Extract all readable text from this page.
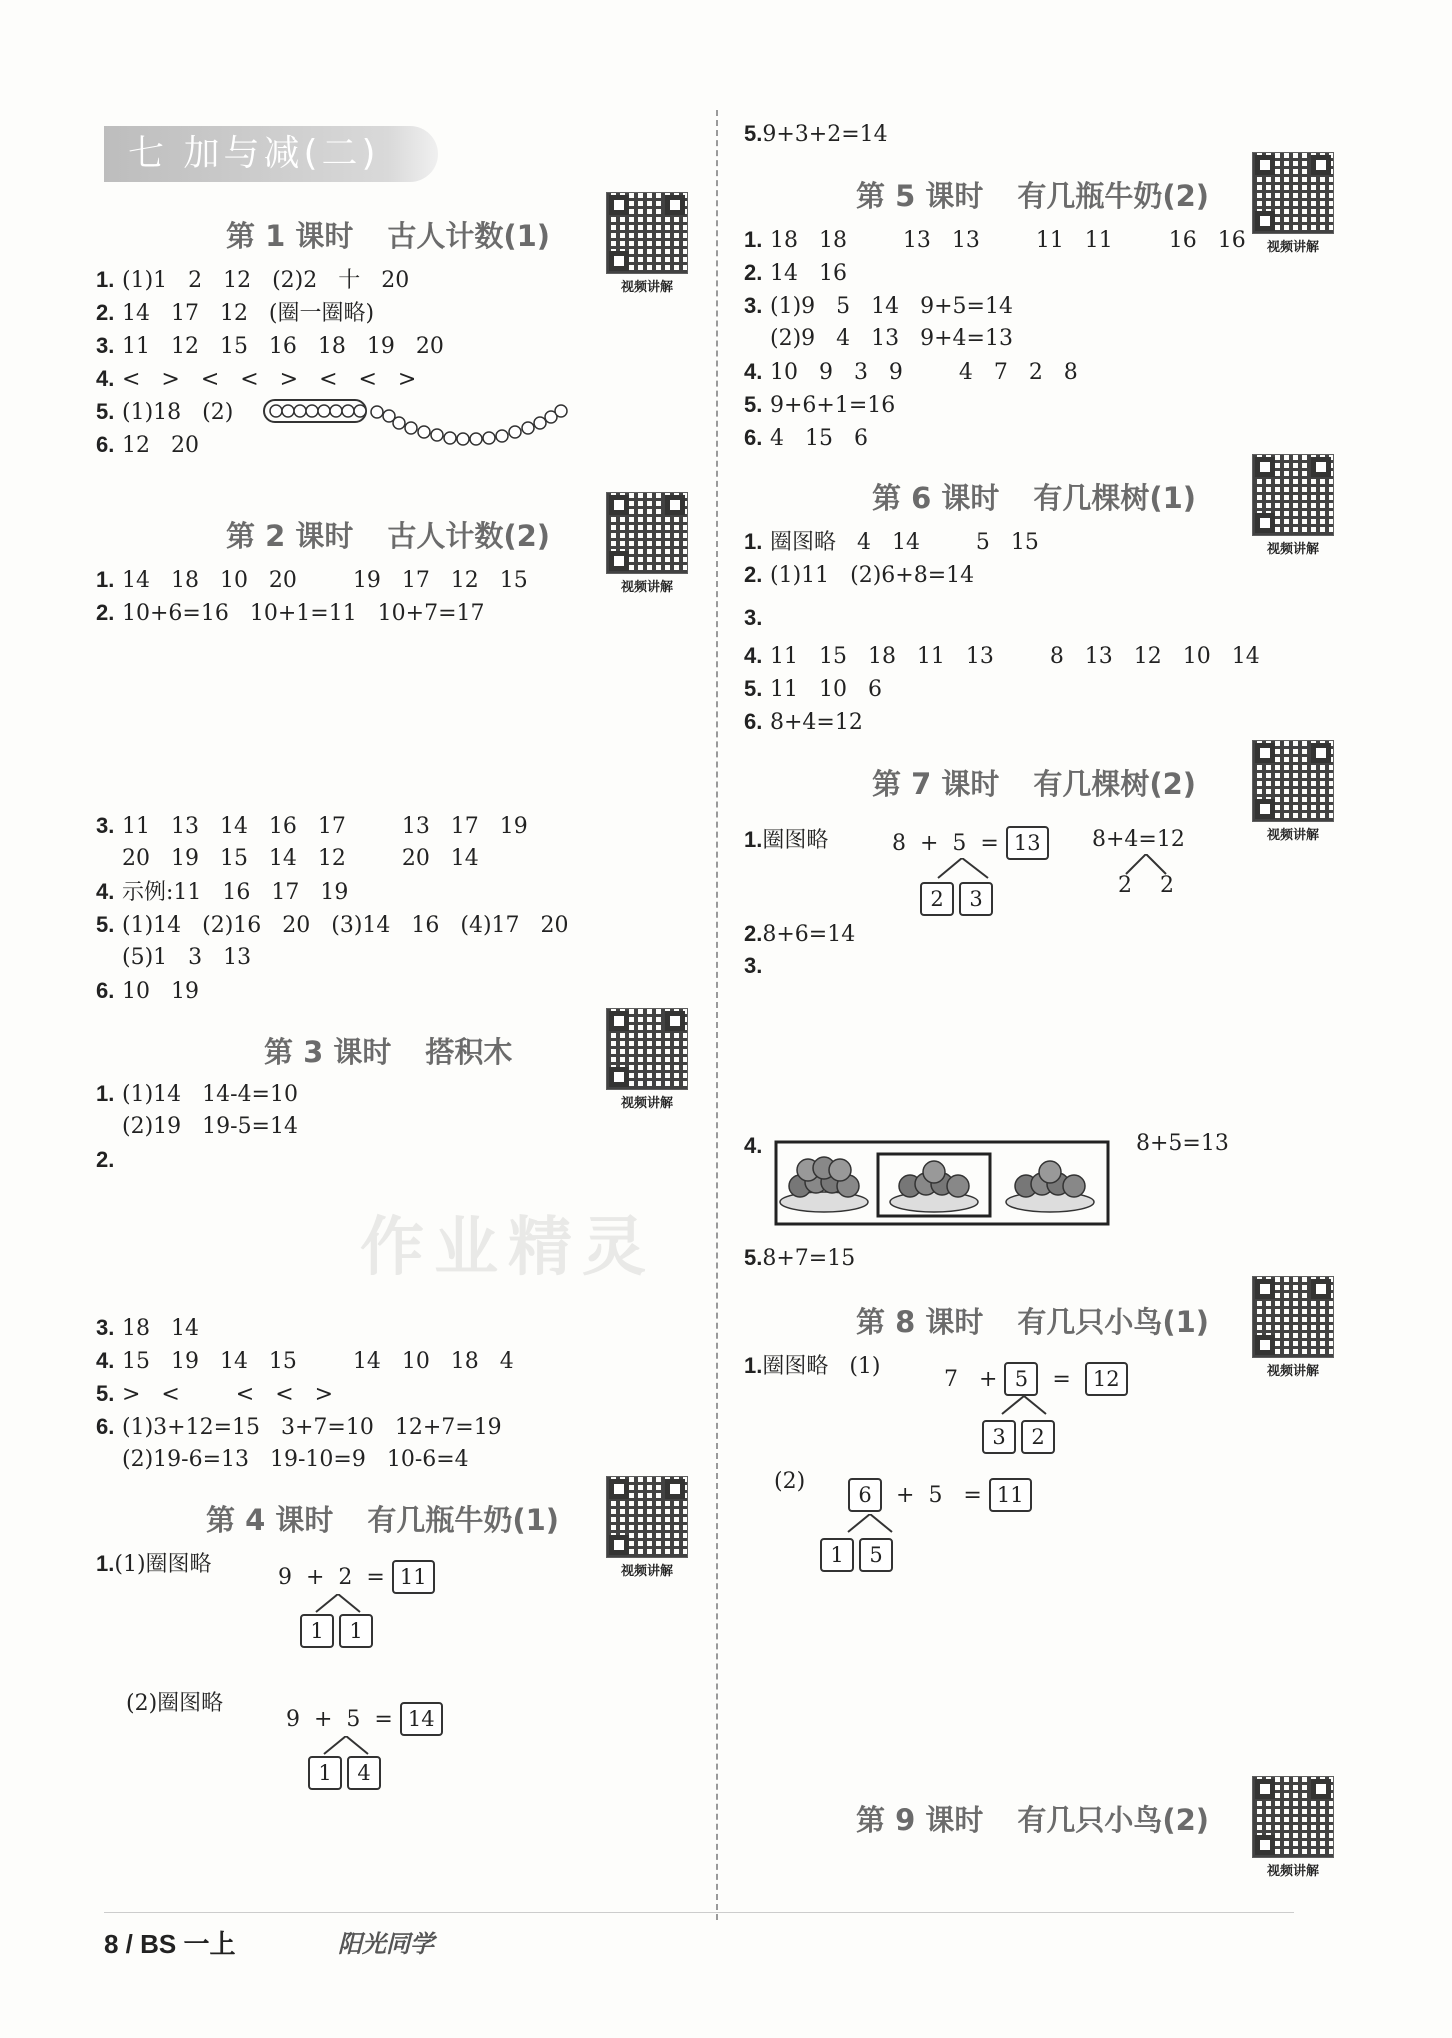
七 加与减(二)
第 1 课时 古人计数(1)
视频讲解
1. (1)1   2   12   (2)2   十   20
2. 14   17   12   (圈一圈略)
3. 11   12   15   16   18   19   20
4. <   >   <   <   >   <   <   >
5. (1)18   (2)
6. 12   20
第 2 课时 古人计数(2)
视频讲解
1. 14   18   10   20        19   17   12   15
2. 10+6=16   10+1=11   10+7=17
3. 11   13   14   16   17        13   17   19
20   19   15   14   12        20   14
4. 示例:11   16   17   19
5. (1)14   (2)16   20   (3)14   16   (4)17   20
(5)1   3   13
6. 10   19
第 3 课时 搭积木
视频讲解
1. (1)14   14-4=10
(2)19   19-5=14
2.
3. 18   14
4. 15   19   14   15        14   10   18   4
5. >   <        <   <   >
6. (1)3+12=15   3+7=10   12+7=19
(2)19-6=13   19-10=9   10-6=4
第 4 课时 有几瓶牛奶(1)
视频讲解
1.(1)圈图略
9  +  2  = 11
1 1
(2)圈图略
9  +  5  = 14
1 4
5.9+3+2=14
第 5 课时 有几瓶牛奶(2)
视频讲解
1. 18   18        13   13        11   11        16   16
2. 14   16
3. (1)9   5   14   9+5=14
(2)9   4   13   9+4=13
4. 10   9   3   9        4   7   2   8
5. 9+6+1=16
6. 4   15   6
第 6 课时 有几棵树(1)
视频讲解
1. 圈图略   4   14        5   15
2. (1)11   (2)6+8=14
3.
4. 11   15   18   11   13        8   13   12   10   14
5. 11   10   6
6. 8+4=12
第 7 课时 有几棵树(2)
视频讲解
1.圈图略	8  +  5  = 13
2 3
8+4=12
2 2
2.8+6=14
3.
4.	8+5=13
5.8+7=15
第 8 课时 有几只小鸟(1)
视频讲解
1.圈图略   (1)
7 + 5 = 12
3 2
(2)
6 + 5 = 11
1 5
第 9 课时 有几只小鸟(2)
视频讲解
作业精灵
8 / BS 一上	阳光同学
